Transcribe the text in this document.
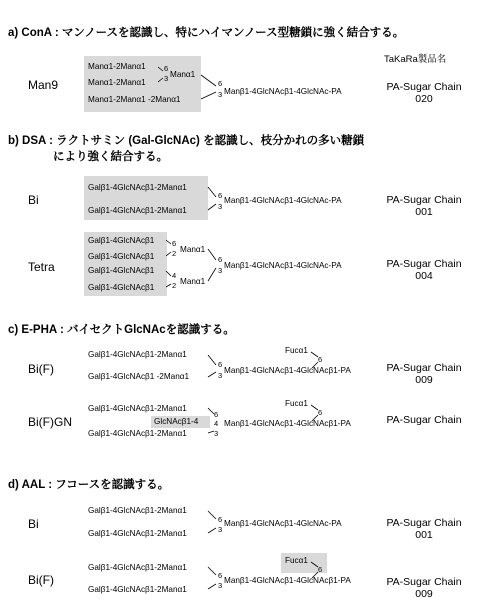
a) ConA : マンノースを認識し、特にハイマンノース型糖鎖に強く結合する。
TaKaRa製品名
Man9
Manα1-2Manα1
Manα1-2Manα1
Manα1-2Manα1 -2Manα1
6
3 Manα1
6
3 Manβ1-4GlcNAcβ1-4GlcNAc-PA	PA-Sugar Chain
020
b) DSA : ラクトサミン (Gal-GlcNAc) を認識し、枝分かれの多い糖鎖
により強く結合する。
Bi
Galβ1-4GlcNAcβ1-2Manα1
Galβ1-4GlcNAcβ1-2Manα1
6
3
Manβ1-4GlcNAcβ1-4GlcNAc-PA	PA-Sugar Chain
001
Tetra
Galβ1-4GlcNAcβ1
Galβ1-4GlcNAcβ1
Galβ1-4GlcNAcβ1
Galβ1-4GlcNAcβ1
6
2 Manα1
4
2 Manα1
6
3
Manβ1-4GlcNAcβ1-4GlcNAc-PA	PA-Sugar Chain
004
c) E-PHA : バイセクトGlcNAcを認識する。
Bi(F)
Galβ1-4GlcNAcβ1-2Manα1
Galβ1-4GlcNAcβ1 -2Manα1
Fucα1
6
6
3
Manβ1-4GlcNAcβ1-4GlcNAcβ1-PA	PA-Sugar Chain
009
Bi(F)GN
Galβ1-4GlcNAcβ1-2Manα1
GlcNAcβ1-4
Galβ1-4GlcNAcβ1-2Manα1
Fucα1
6
6
4
3
Manβ1-4GlcNAcβ1-4GlcNAcβ1-PA	PA-Sugar Chain
d) AAL : フコースを認識する。
Bi
Galβ1-4GlcNAcβ1-2Manα1
Galβ1-4GlcNAcβ1-2Manα1
6
3
Manβ1-4GlcNAcβ1-4GlcNAc-PA	PA-Sugar Chain
001
Bi(F)
Galβ1-4GlcNAcβ1-2Manα1
Galβ1-4GlcNAcβ1-2Manα1
Fucα1
6
6
3
Manβ1-4GlcNAcβ1-4GlcNAcβ1-PA	PA-Sugar Chain
009
